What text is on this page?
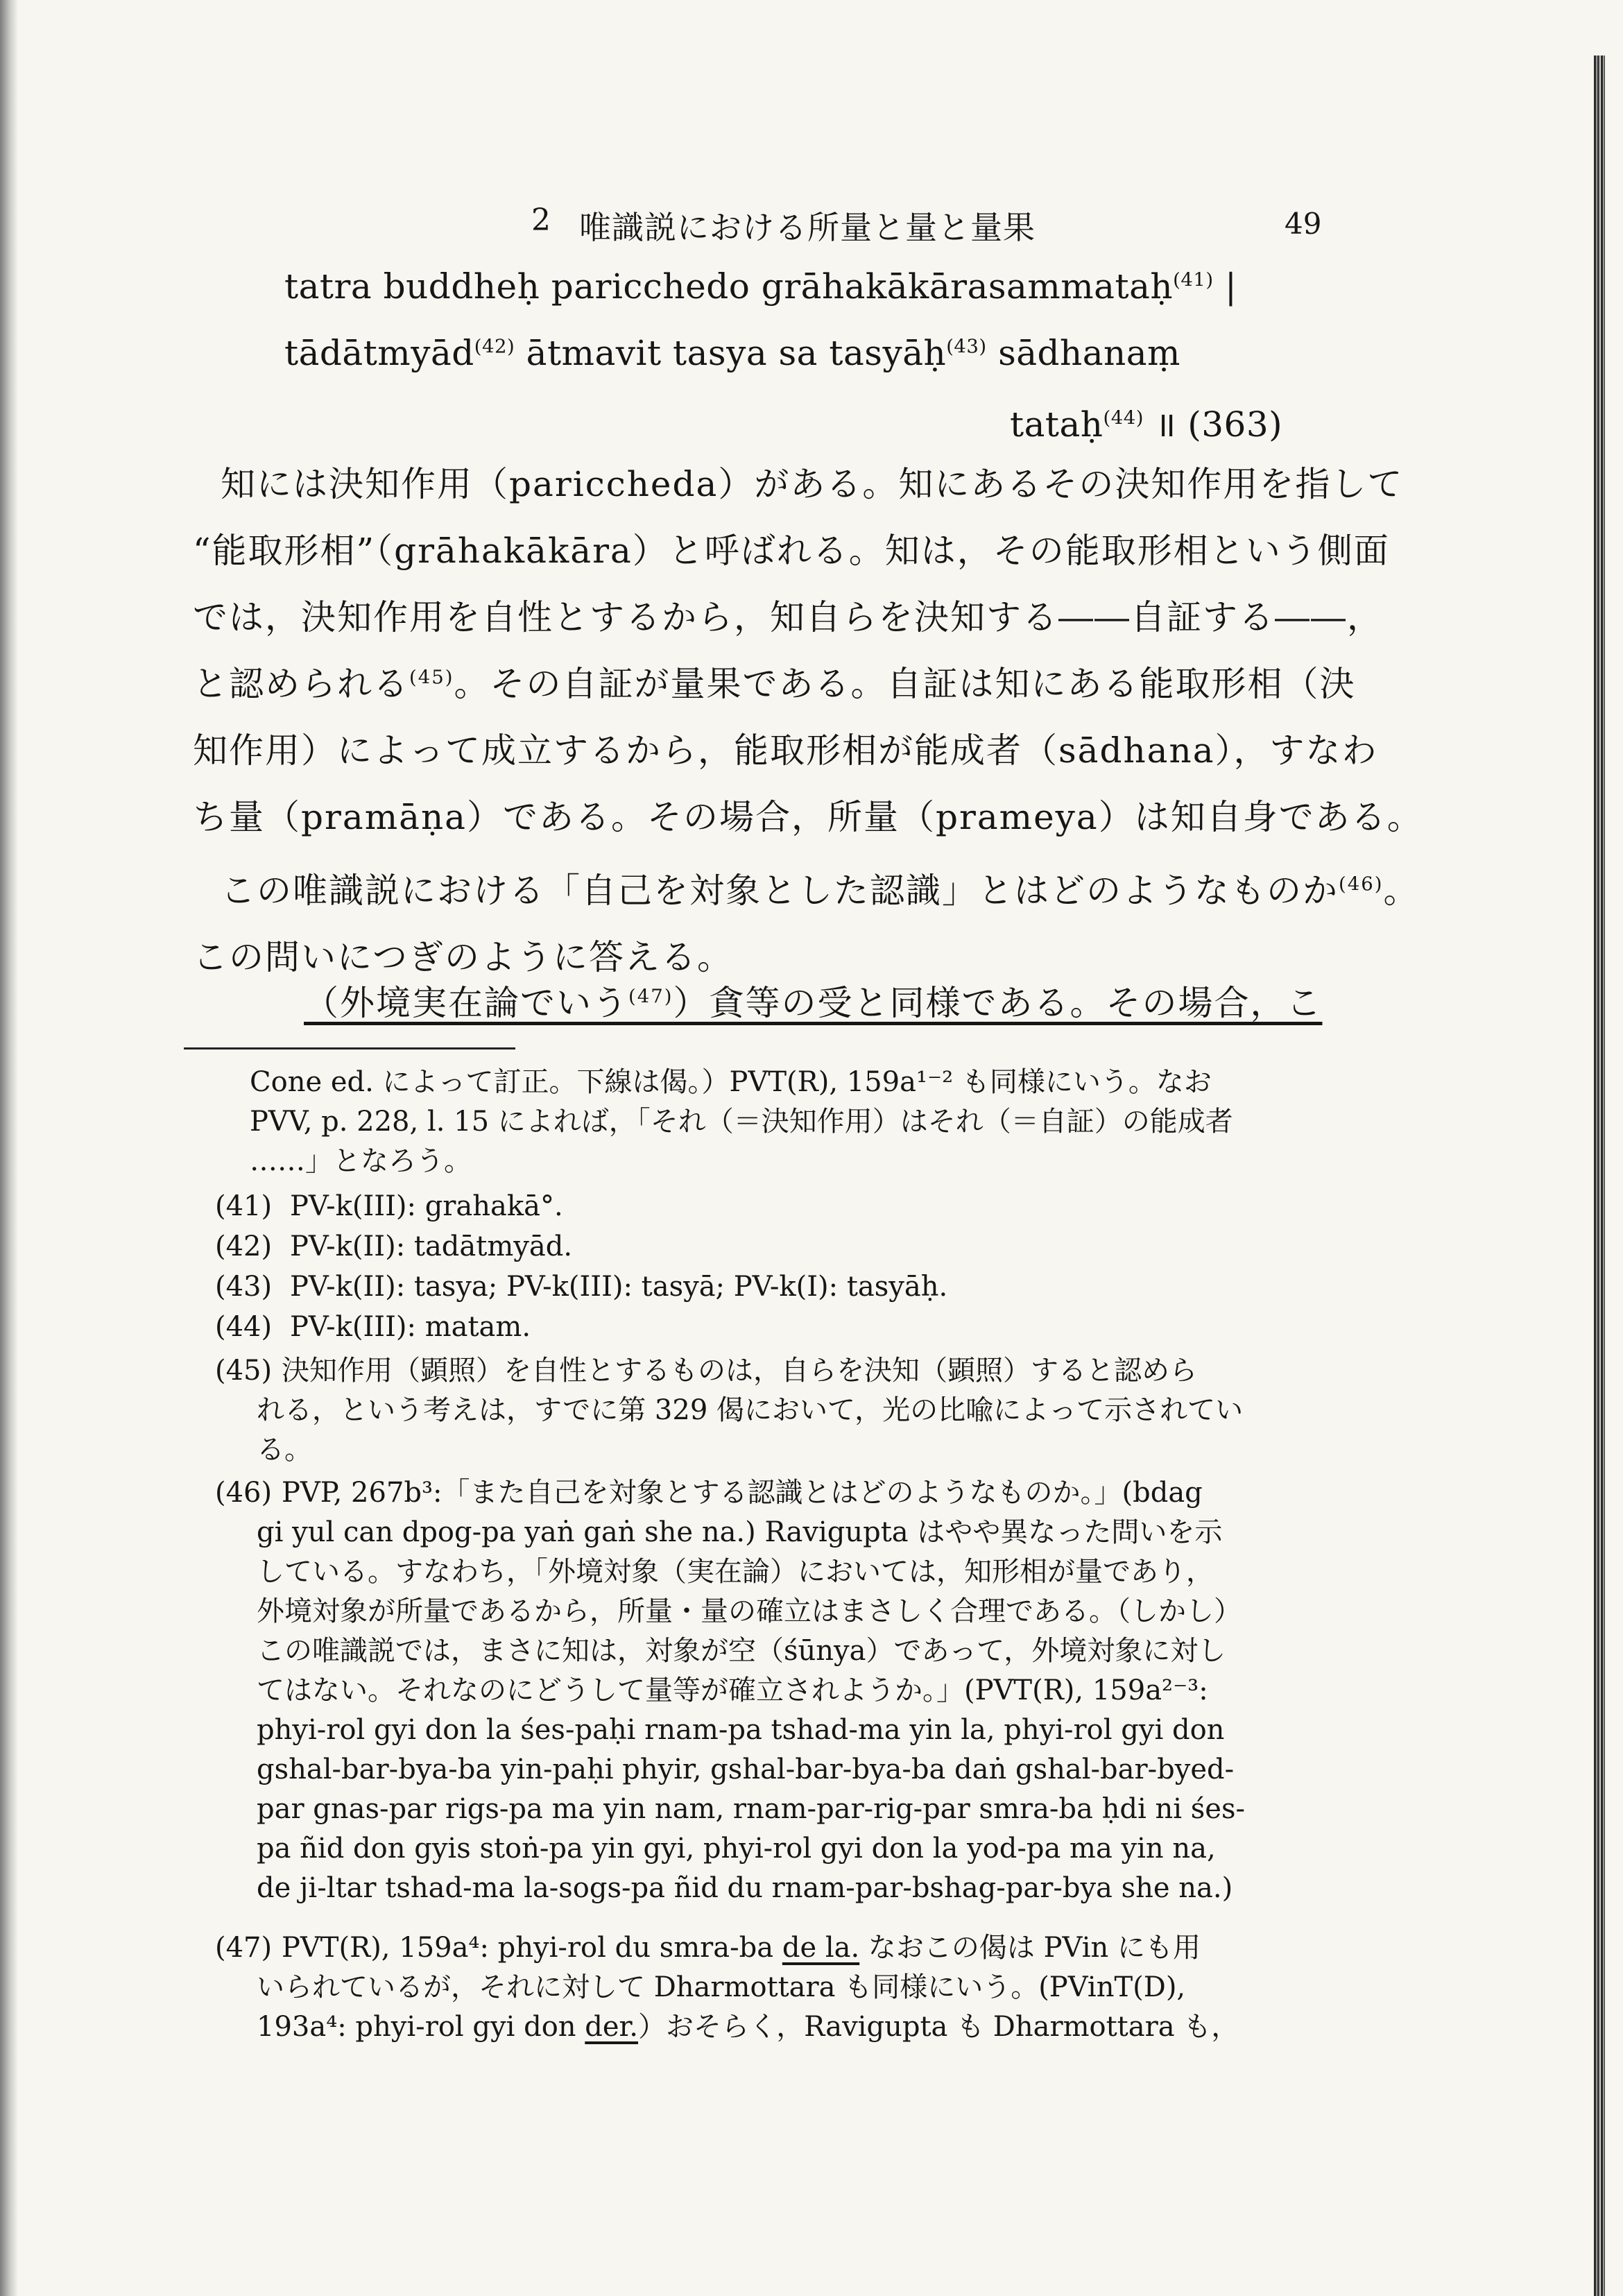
2 唯識説における所量と量と量果	49
tatra buddheḥ paricchedo grāhakākārasammataḥ$^{(41)}$ |
tādātmyād$^{(42)}$ ātmavit tasya sa tasyāḥ$^{(43)}$ sādhanaṃ
tataḥ$^{(44)}$ ॥ (363)
知には決知作用（pariccheda）がある。知にあるその決知作用を指して
“能取形相”（grāhakākāra）と呼ばれる。知は，その能取形相という側面
では，決知作用を自性とするから，知自らを決知する――自証する――，
と認められる$^{(45)}$。その自証が量果である。自証は知にある能取形相（決
知作用）によって成立するから，能取形相が能成者（sādhana），すなわ
ち量（pramāṇa）である。その場合，所量（prameya）は知自身である。
この唯識説における「自己を対象とした認識」とはどのようなものか$^{(46)}$。
この問いにつぎのように答える。
（外境実在論でいう$^{(47)}$）貪等の受と同様である。その場合，こ
Cone ed. によって訂正。下線は偈。）PVT(R), 159a¹⁻² も同様にいう。なお
PVV, p. 228, l. 15 によれば，「それ（＝決知作用）はそれ（＝自証）の能成者
……」となろう。
(41) PV-k(III): grahakā°.
(42) PV-k(II): tadātmyād.
(43) PV-k(II): tasya; PV-k(III): tasyā; PV-k(I): tasyāḥ.
(44) PV-k(III): matam.
(45) 決知作用（顕照）を自性とするものは，自らを決知（顕照）すると認めら
れる，という考えは，すでに第 329 偈において，光の比喩によって示されてい
る。
(46) PVP, 267b³:「また自己を対象とする認識とはどのようなものか。」(bdag
gi yul can dpog-pa yaṅ gaṅ she na.) Ravigupta はやや異なった問いを示
している。すなわち，「外境対象（実在論）においては，知形相が量であり，
外境対象が所量であるから，所量・量の確立はまさしく合理である。（しかし）
この唯識説では，まさに知は，対象が空（śūnya）であって，外境対象に対し
てはない。それなのにどうして量等が確立されようか。」(PVT(R), 159a²⁻³:
phyi-rol gyi don la śes-paḥi rnam-pa tshad-ma yin la, phyi-rol gyi don
gshal-bar-bya-ba yin-paḥi phyir, gshal-bar-bya-ba daṅ gshal-bar-byed-
par gnas-par rigs-pa ma yin nam, rnam-par-rig-par smra-ba ḥdi ni śes-
pa ñid don gyis stoṅ-pa yin gyi, phyi-rol gyi don la yod-pa ma yin na,
de ji-ltar tshad-ma la-sogs-pa ñid du rnam-par-bshag-par-bya she na.)
(47) PVT(R), 159a⁴: phyi-rol du smra-ba de la. なおこの偈は PVin にも用
いられているが，それに対して Dharmottara も同様にいう。(PVinT(D),
193a⁴: phyi-rol gyi don der.）おそらく，Ravigupta も Dharmottara も，
